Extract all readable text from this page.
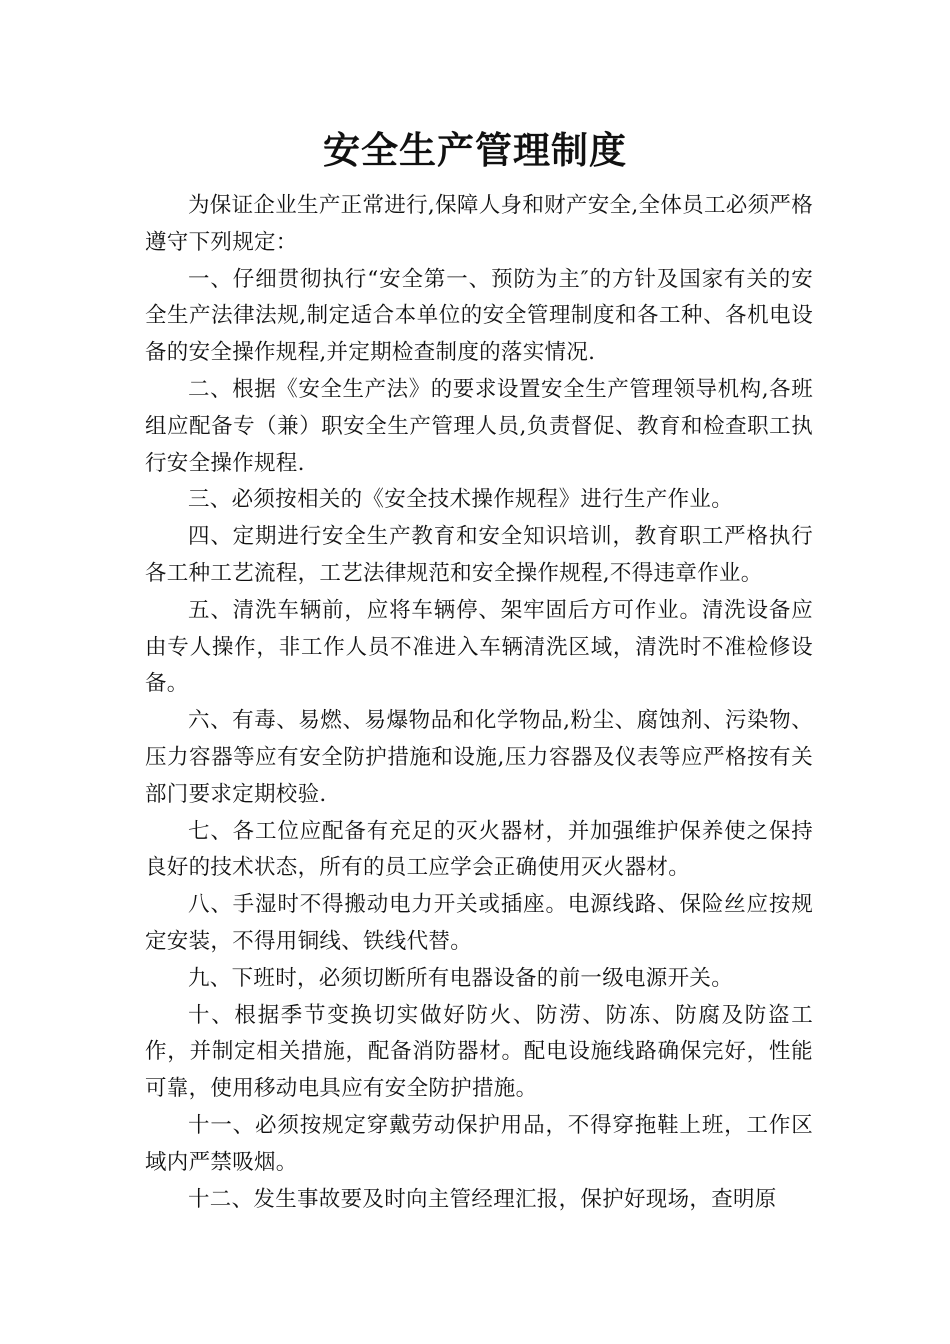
安全生产管理制度

为保证企业生产正常进行,保障人身和财产安全,全体员工必须严格遵守下列规定：

一、仔细贯彻执行“安全第一、预防为主″的方针及国家有关的安全生产法律法规,制定适合本单位的安全管理制度和各工种、各机电设备的安全操作规程,并定期检查制度的落实情况.

二、根据《安全生产法》的要求设置安全生产管理领导机构,各班组应配备专（兼）职安全生产管理人员,负责督促、教育和检查职工执行安全操作规程.

三、必须按相关的《安全技术操作规程》进行生产作业。

四、定期进行安全生产教育和安全知识培训，教育职工严格执行各工种工艺流程，工艺法律规范和安全操作规程,不得违章作业。

五、清洗车辆前，应将车辆停、架牢固后方可作业。清洗设备应由专人操作，非工作人员不准进入车辆清洗区域，清洗时不准检修设备。

六、有毒、易燃、易爆物品和化学物品,粉尘、腐蚀剂、污染物、压力容器等应有安全防护措施和设施,压力容器及仪表等应严格按有关部门要求定期校验.

七、各工位应配备有充足的灭火器材，并加强维护保养使之保持良好的技术状态，所有的员工应学会正确使用灭火器材。

八、手湿时不得搬动电力开关或插座。电源线路、保险丝应按规定安装，不得用铜线、铁线代替。

九、下班时，必须切断所有电器设备的前一级电源开关。

十、根据季节变换切实做好防火、防涝、防冻、防腐及防盗工作，并制定相关措施，配备消防器材。配电设施线路确保完好，性能可靠，使用移动电具应有安全防护措施。

十一、必须按规定穿戴劳动保护用品，不得穿拖鞋上班，工作区域内严禁吸烟。

十二、发生事故要及时向主管经理汇报，保护好现场，查明原
